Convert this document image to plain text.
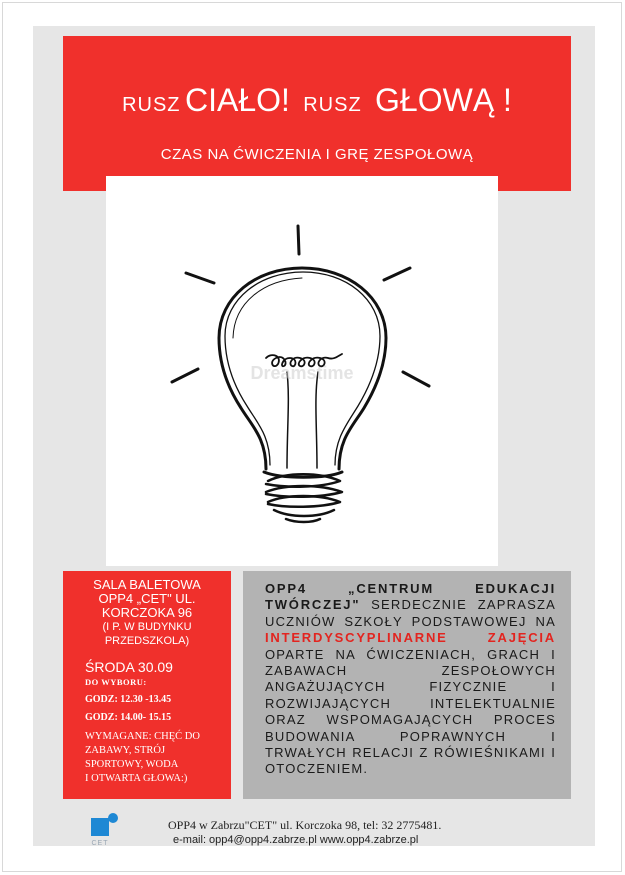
RUSZ CIAŁO! RUSZ GŁOWĄ !
CZAS NA ĆWICZENIA I GRĘ ZESPOŁOWĄ
Dreamstime
SALA BALETOWA
OPP4 „CET" UL.
KORCZOKA 96
(I P. W BUDYNKU
PRZEDSZKOLA)
ŚRODA 30.09
DO WYBORU:
GODZ: 12.30 -13.45
GODZ: 14.00- 15.15
WYMAGANE: CHĘĆ DO
ZABAWY, STRÓJ
SPORTOWY, WODA
I OTWARTA GŁOWA:)
OPP4 „CENTRUM EDUKACJI TWÓRCZEJ" SERDECZNIE ZAPRASZA UCZNIÓW SZKOŁY PODSTAWOWEJ NA INTERDYSCYPLINARNE ZAJĘCIA OPARTE NA ĆWICZENIACH, GRACH I ZABAWACH ZESPOŁOWYCH ANGAŻUJĄCYCH FIZYCZNIE I ROZWIJAJĄCYCH INTELEKTUALNIE ORAZ WSPOMAGAJĄCYCH PROCES BUDOWANIA POPRAWNYCH I TRWAŁYCH RELACJI Z RÓWIEŚNIKAMI I OTOCZENIEM.
CET
OPP4 w Zabrzu"CET" ul. Korczoka 98, tel: 32 2775481.
e-mail: opp4@opp4.zabrze.pl www.opp4.zabrze.pl
